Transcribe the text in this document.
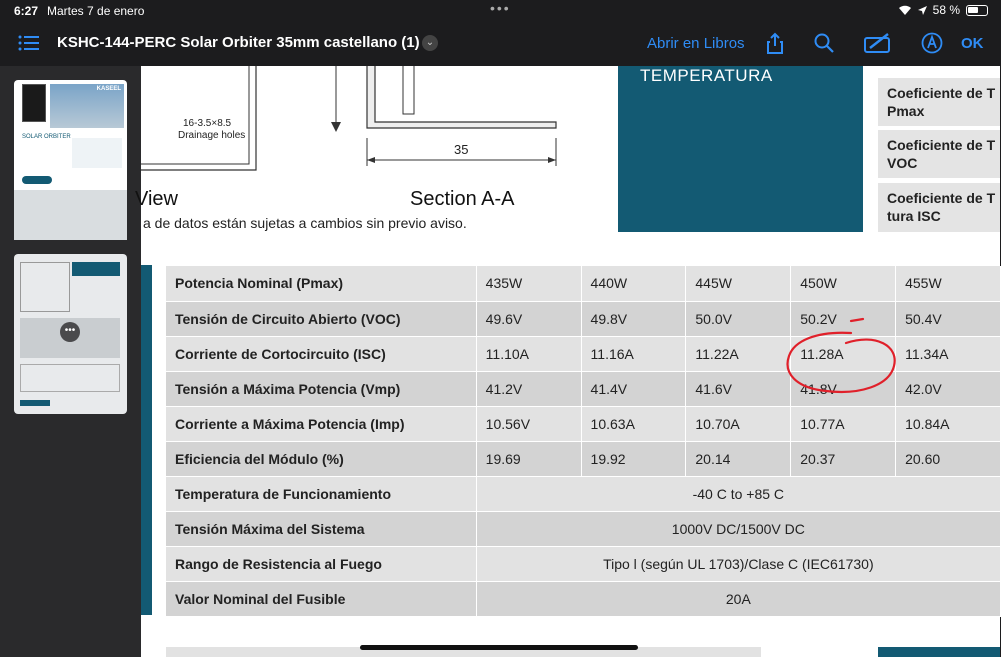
6:27 Martes 7 de enero	•••	58 %
KSHC-144-PERC Solar Orbiter 35mm castellano (1) ⌄	Abrir en Libros	OK
KASEEL
SOLAR ORBITER
•••
16-3.5×8.5
Drainage holes
35
View	Section A-A
a de datos están sujetas a cambios sin previo aviso.
TEMPERATURA
Coeficiente de T Pmax
Coeficiente de T VOC
Coeficiente de T tura ISC
Potencia Nominal (Pmax)	435W	440W	445W	450W	455W
Tensión de Circuito Abierto (VOC)	49.6V	49.8V	50.0V	50.2V	50.4V
Corriente de Cortocircuito (ISC)	11.10A	11.16A	11.22A	11.28A	11.34A
Tensión a Máxima Potencia (Vmp)	41.2V	41.4V	41.6V	41.8V	42.0V
Corriente a Máxima Potencia (Imp)	10.56V	10.63A	10.70A	10.77A	10.84A
Eficiencia del Módulo (%)	19.69	19.92	20.14	20.37	20.60
Temperatura de Funcionamiento	-40 C to +85 C				
Tensión Máxima del Sistema	1000V DC/1500V DC				
Rango de Resistencia al Fuego	Tipo l (según UL 1703)/Clase C (IEC61730)				
Valor Nominal del Fusible	20A				
